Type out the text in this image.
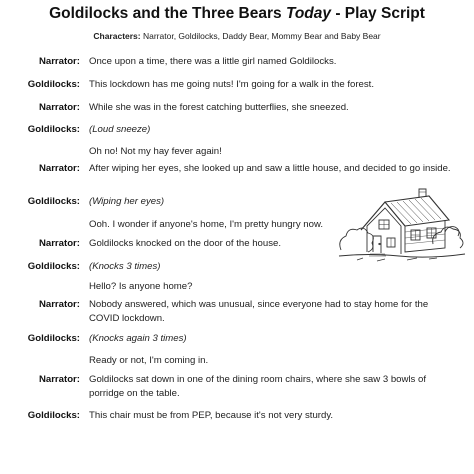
Goldilocks and the Three Bears Today - Play Script
Characters: Narrator, Goldilocks, Daddy Bear, Mommy Bear and Baby Bear
Narrator: Once upon a time, there was a little girl named Goldilocks.
Goldilocks: This lockdown has me going nuts! I'm going for a walk in the forest.
Narrator: While she was in the forest catching butterflies, she sneezed.
Goldilocks: (Loud sneeze)
Oh no! Not my hay fever again!
Narrator: After wiping her eyes, she looked up and saw a little house, and decided to go inside.
Goldilocks: (Wiping her eyes)
Ooh. I wonder if anyone's home, I'm pretty hungry now.
Narrator: Goldilocks knocked on the door of the house.
Goldilocks: (Knocks 3 times)
Hello? Is anyone home?
Narrator: Nobody answered, which was unusual, since everyone had to stay home for the COVID lockdown.
Goldilocks: (Knocks again 3 times)
Ready or not, I'm coming in.
Narrator: Goldilocks sat down in one of the dining room chairs, where she saw 3 bowls of porridge on the table.
Goldilocks: This chair must be from PEP, because it's not very sturdy.
